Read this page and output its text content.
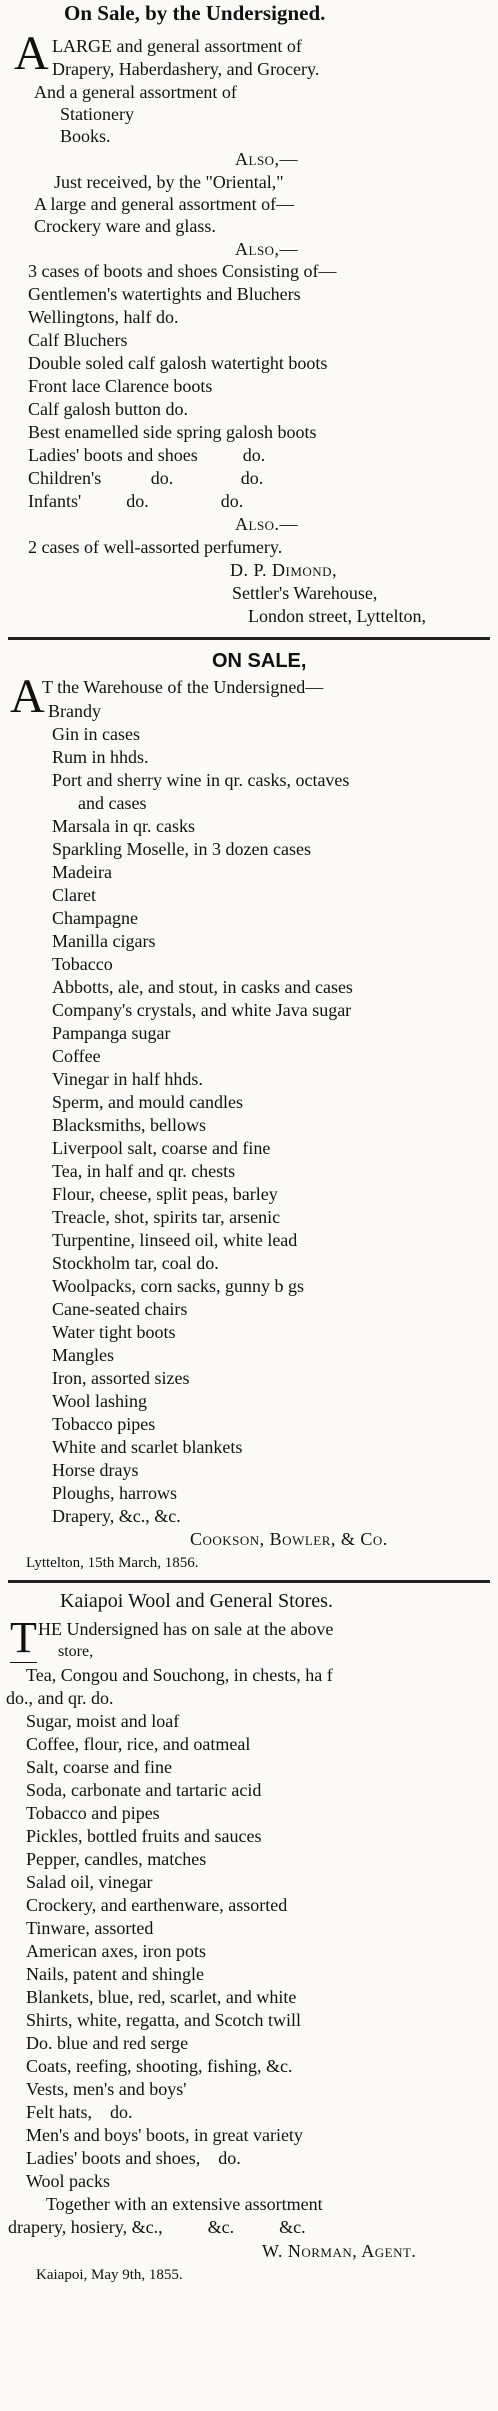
On Sale, by the Undersigned.
A LARGE and general assortment of
Drapery, Haberdashery, and Grocery.
And a general assortment of
Stationery
Books.
Also,—
Just received, by the "Oriental,"
A large and general assortment of—
Crockery ware and glass.
Also,—
3 cases of boots and shoes Consisting of—
Gentlemen's watertights and Bluchers
Wellingtons, half do.
Calf Bluchers
Double soled calf galosh watertight boots
Front lace Clarence boots
Calf galosh button do.
Best enamelled side spring galosh boots
Ladies' boots and shoes          do.
Children's           do.               do.
Infants'          do.                do.
Also.—
2 cases of well-assorted perfumery.
D. P. Dimond,
Settler's Warehouse,
London street, Lyttelton,
ON SALE,
A
T the Warehouse of the Undersigned—
Brandy
Gin in cases
Rum in hhds.
Port and sherry wine in qr. casks, octaves
and cases
Marsala in qr. casks
Sparkling Moselle, in 3 dozen cases
Madeira
Claret
Champagne
Manilla cigars
Tobacco
Abbotts, ale, and stout, in casks and cases
Company's crystals, and white Java sugar
Pampanga sugar
Coffee
Vinegar in half hhds.
Sperm, and mould candles
Blacksmiths, bellows
Liverpool salt, coarse and fine
Tea, in half and qr. chests
Flour, cheese, split peas, barley
Treacle, shot, spirits tar, arsenic
Turpentine, linseed oil, white lead
Stockholm tar, coal do.
Woolpacks, corn sacks, gunny b gs
Cane-seated chairs
Water tight boots
Mangles
Iron, assorted sizes
Wool lashing
Tobacco pipes
White and scarlet blankets
Horse drays
Ploughs, harrows
Drapery, &c., &c.
Cookson, Bowler, & Co.
Lyttelton, 15th March, 1856.
Kaiapoi Wool and General Stores.
T HE Undersigned has on sale at the above
store,
Tea, Congou and Souchong, in chests, ha f
do., and qr. do.
Sugar, moist and loaf
Coffee, flour, rice, and oatmeal
Salt, coarse and fine
Soda, carbonate and tartaric acid
Tobacco and pipes
Pickles, bottled fruits and sauces
Pepper, candles, matches
Salad oil, vinegar
Crockery, and earthenware, assorted
Tinware, assorted
American axes, iron pots
Nails, patent and shingle
Blankets, blue, red, scarlet, and white
Shirts, white, regatta, and Scotch twill
Do. blue and red serge
Coats, reefing, shooting, fishing, &c.
Vests, men's and boys'
Felt hats,    do.
Men's and boys' boots, in great variety
Ladies' boots and shoes,    do.
Wool packs
Together with an extensive assortment
drapery, hosiery, &c.,          &c.          &c.
W. Norman, Agent.
Kaiapoi, May 9th, 1855.
